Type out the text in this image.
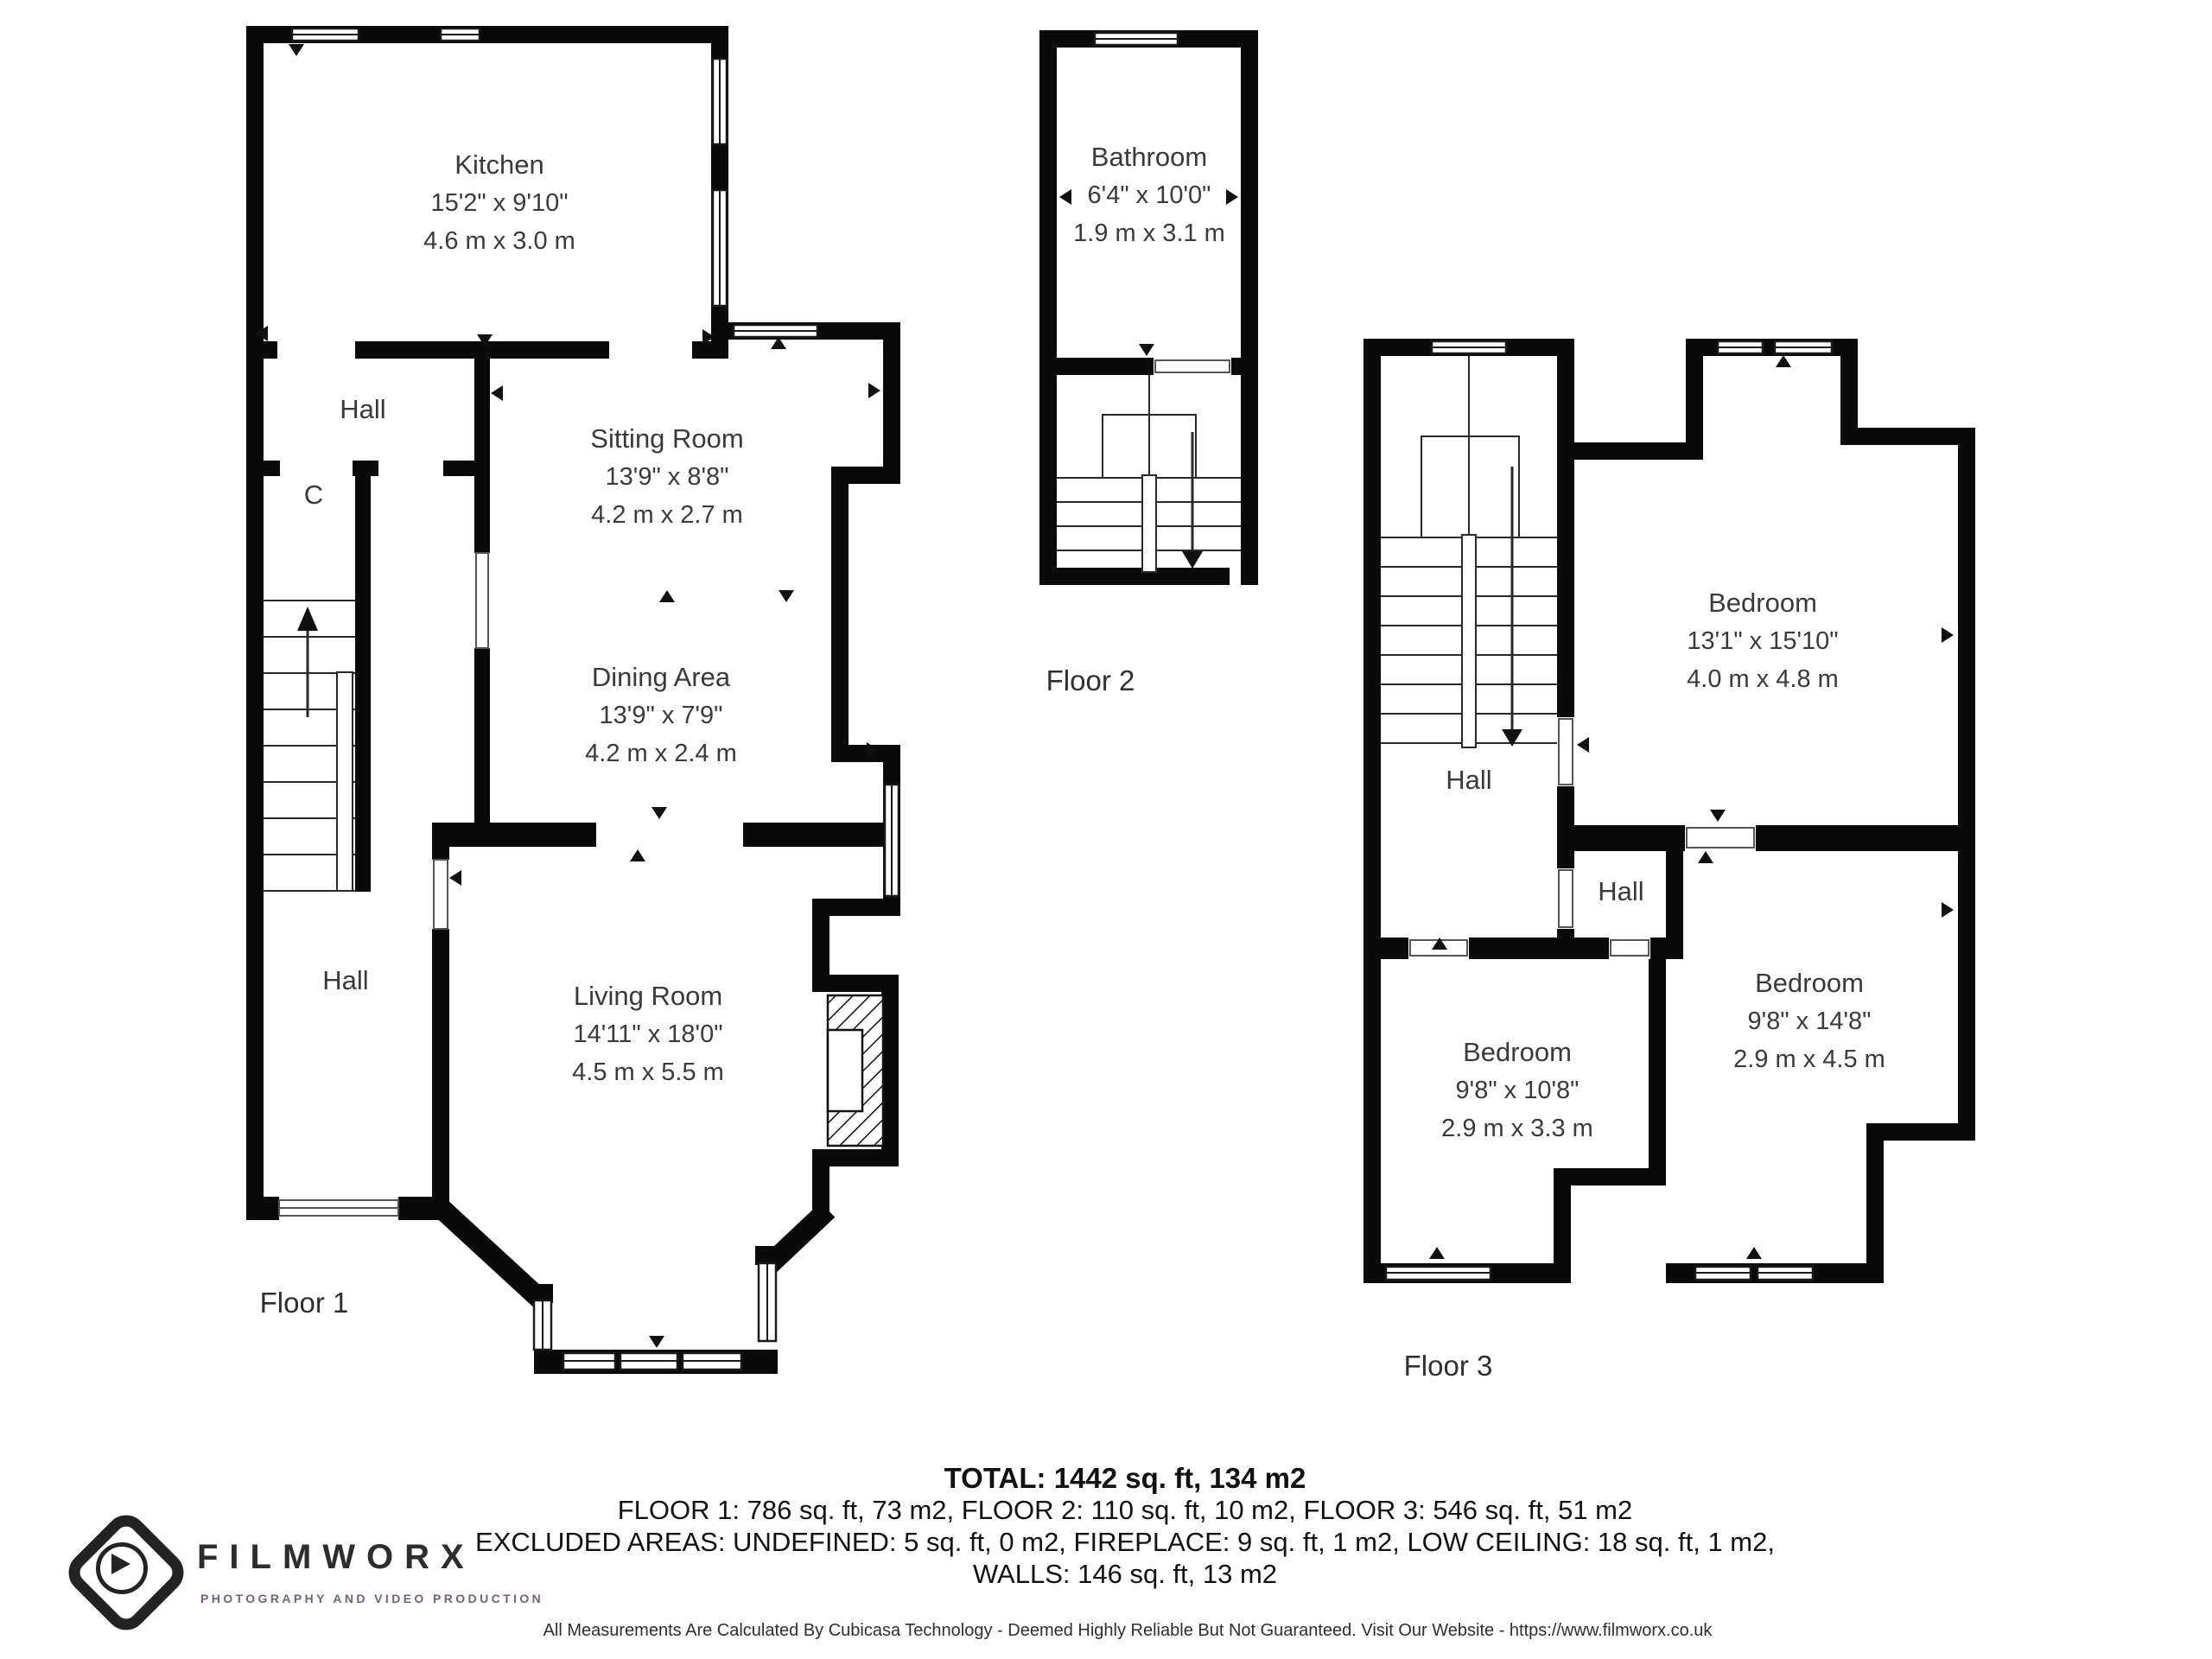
Kitchen
15'2" x 9'10"
4.6 m x 3.0 m
Hall
C
Sitting Room
13'9" x 8'8"
4.2 m x 2.7 m
Dining Area
13'9" x 7'9"
4.2 m x 2.4 m
Hall
Living Room
14'11" x 18'0"
4.5 m x 5.5 m
Floor 1
Bathroom
6'4" x 10'0"
1.9 m x 3.1 m
Floor 2
Bedroom
13'1" x 15'10"
4.0 m x 4.8 m
Hall
Hall
Bedroom
9'8" x 10'8"
2.9 m x 3.3 m
Bedroom
9'8" x 14'8"
2.9 m x 4.5 m
Floor 3
TOTAL: 1442 sq. ft, 134 m2
FLOOR 1: 786 sq. ft, 73 m2, FLOOR 2: 110 sq. ft, 10 m2, FLOOR 3: 546 sq. ft, 51 m2
EXCLUDED AREAS: UNDEFINED: 5 sq. ft, 0 m2, FIREPLACE: 9 sq. ft, 1 m2, LOW CEILING: 18 sq. ft, 1 m2,
WALLS: 146 sq. ft, 13 m2
All Measurements Are Calculated By Cubicasa Technology - Deemed Highly Reliable But Not Guaranteed. Visit Our Website - https://www.filmworx.co.uk
FILMWORX
PHOTOGRAPHY AND VIDEO PRODUCTION
